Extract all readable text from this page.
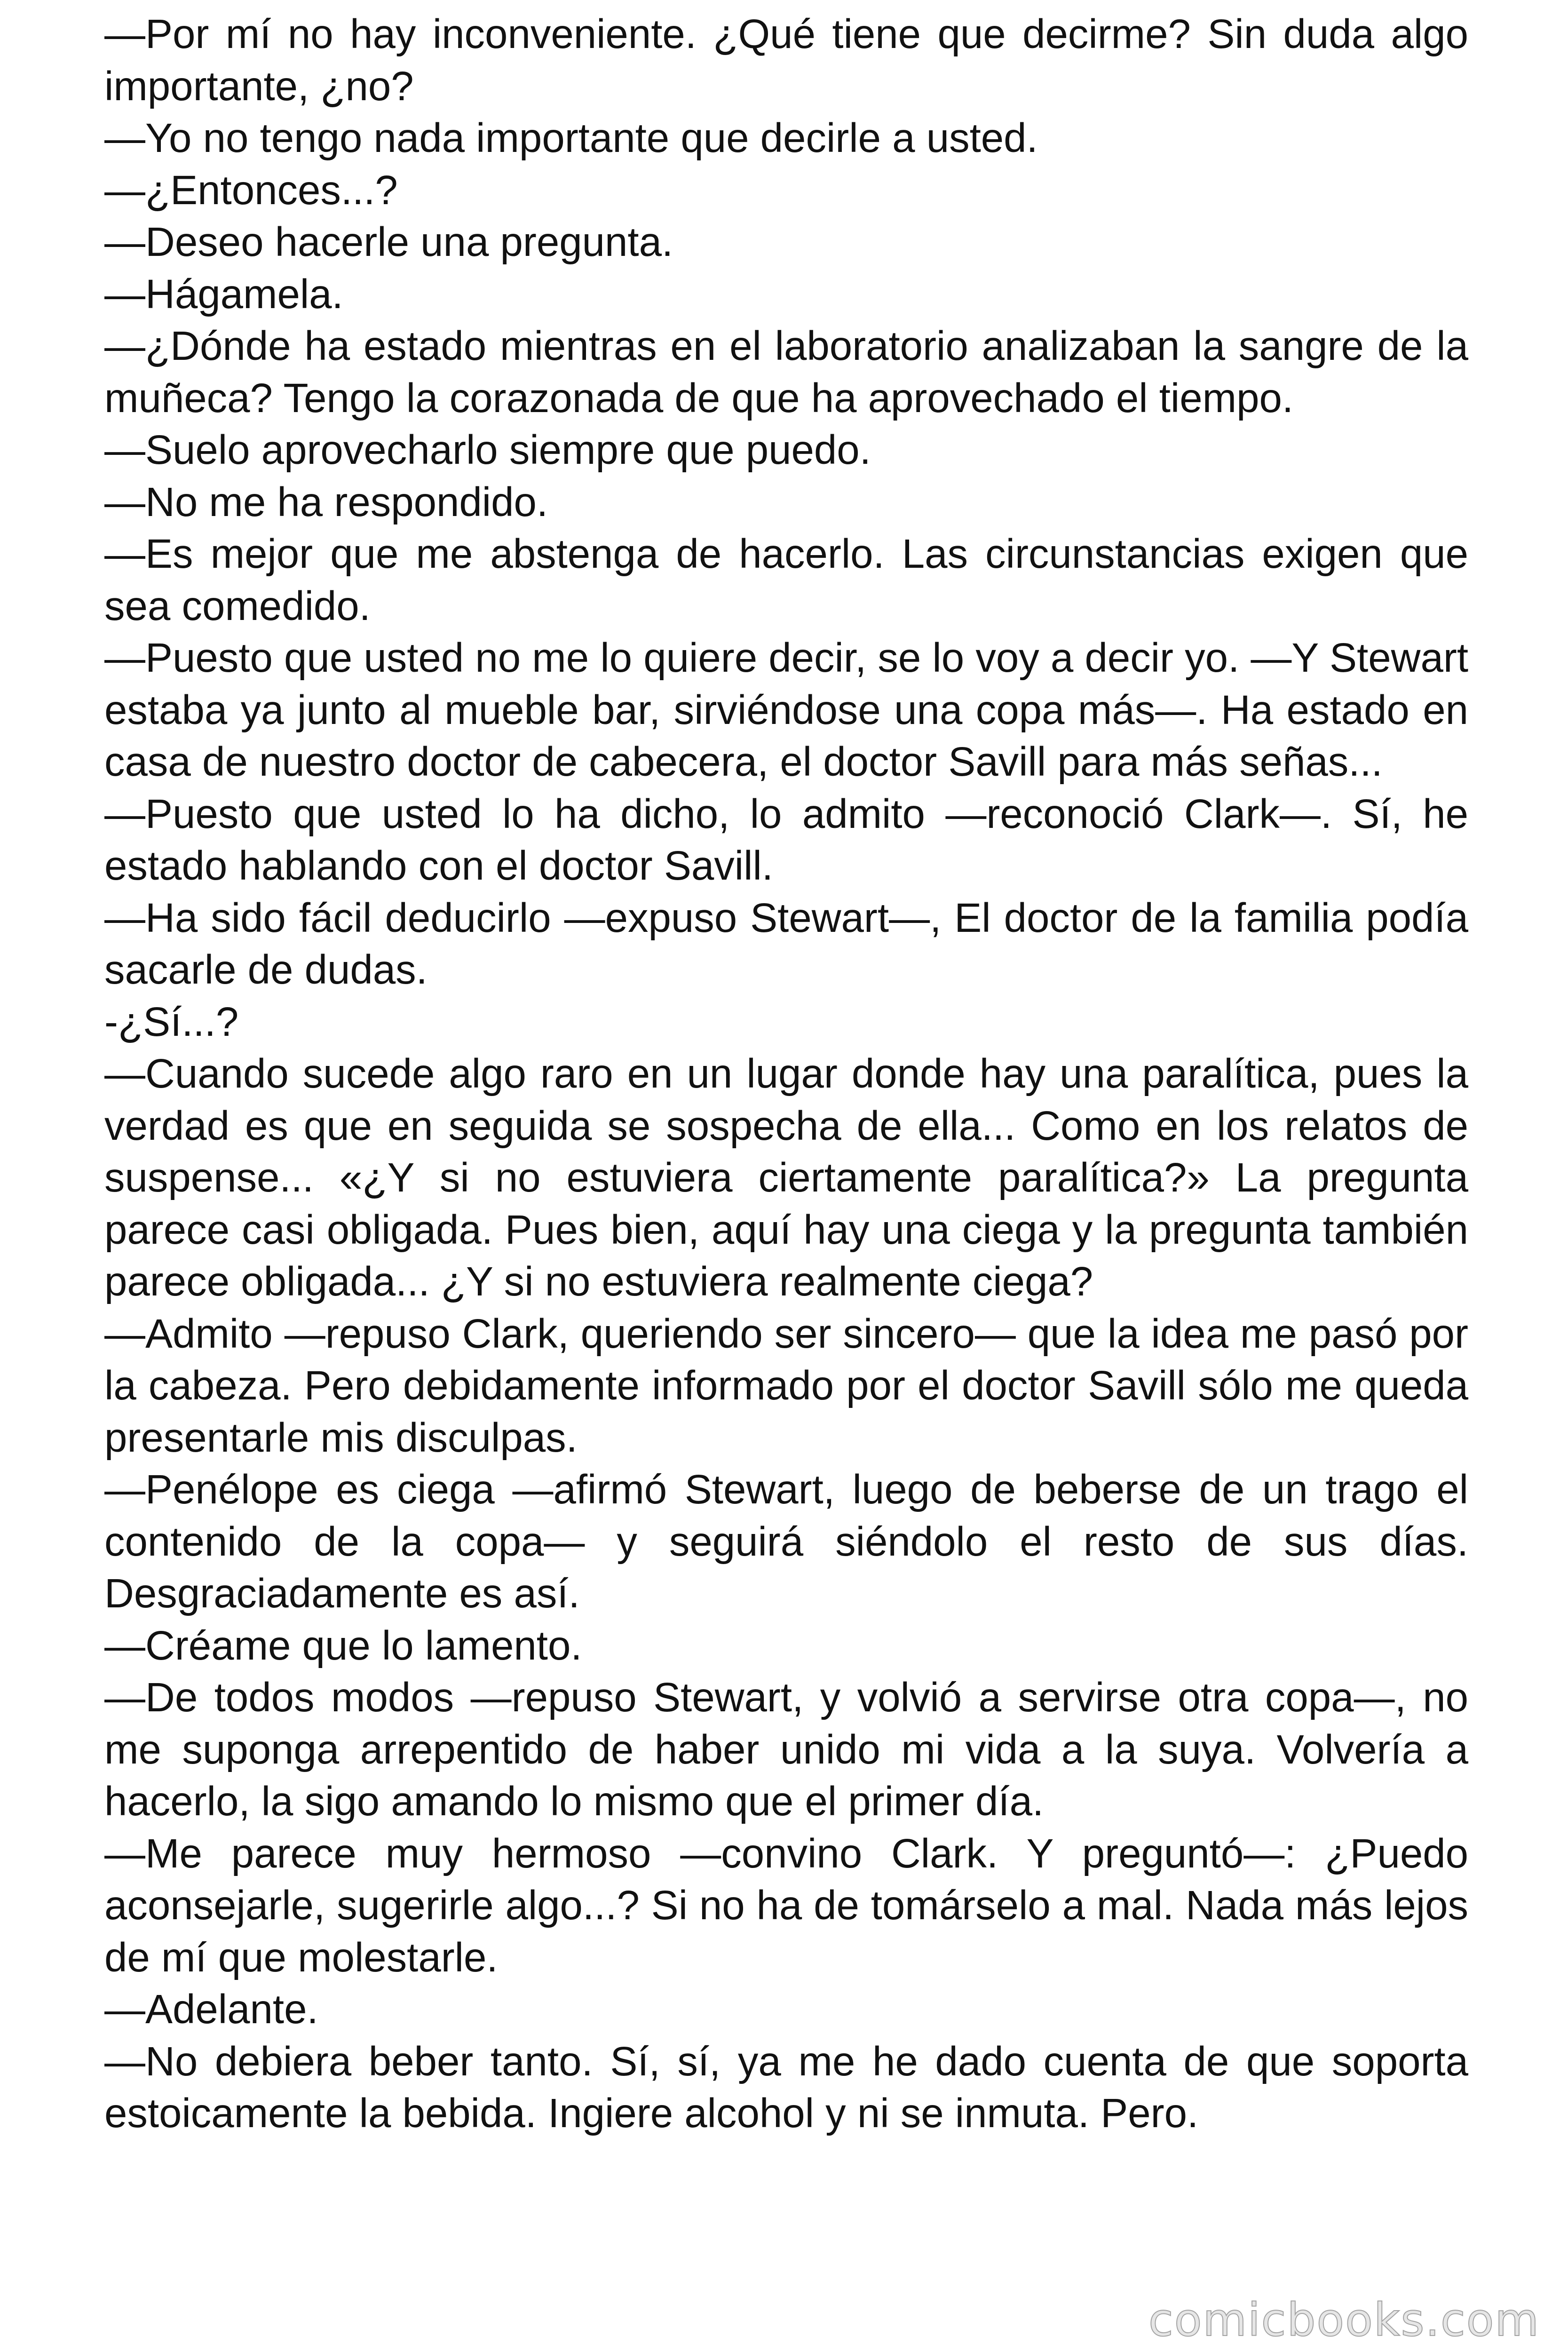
—Por mí no hay inconveniente. ¿Qué tiene que decirme? Sin duda algo importante, ¿no?

—Yo no tengo nada importante que decirle a usted.

—¿Entonces...?

—Deseo hacerle una pregunta.

—Hágamela.

—¿Dónde ha estado mientras en el laboratorio analizaban la sangre de la muñeca? Tengo la corazonada de que ha aprovechado el tiempo.

—Suelo aprovecharlo siempre que puedo.

—No me ha respondido.

—Es mejor que me abstenga de hacerlo. Las circunstancias exigen que sea comedido.

—Puesto que usted no me lo quiere decir, se lo voy a decir yo. —Y Stewart estaba ya junto al mueble bar, sirviéndose una copa más—. Ha estado en casa de nuestro doctor de cabecera, el doctor Savill para más señas...

—Puesto que usted lo ha dicho, lo admito —reconoció Clark—. Sí, he estado hablando con el doctor Savill.

—Ha sido fácil deducirlo —expuso Stewart—, El doctor de la familia podía sacarle de dudas.

-¿Sí...?

—Cuando sucede algo raro en un lugar donde hay una paralítica, pues la verdad es que en seguida se sospecha de ella... Como en los relatos de suspense... «¿Y si no estuviera ciertamente paralítica?» La pregunta parece casi obligada. Pues bien, aquí hay una ciega y la pregunta también parece obligada... ¿Y si no estuviera realmente ciega?

—Admito —repuso Clark, queriendo ser sincero— que la idea me pasó por la cabeza. Pero debidamente informado por el doctor Savill sólo me queda presentarle mis disculpas.

—Penélope es ciega —afirmó Stewart, luego de beberse de un trago el contenido de la copa— y seguirá siéndolo el resto de sus días. Desgraciadamente es así.

—Créame que lo lamento.

—De todos modos —repuso Stewart, y volvió a servirse otra copa—, no me suponga arrepentido de haber unido mi vida a la suya. Volvería a hacerlo, la sigo amando lo mismo que el primer día.

—Me parece muy hermoso —convino Clark. Y preguntó—: ¿Puedo aconsejarle, sugerirle algo...? Si no ha de tomárselo a mal. Nada más lejos de mí que molestarle.

—Adelante.

—No debiera beber tanto. Sí, sí, ya me he dado cuenta de que soporta estoicamente la bebida. Ingiere alcohol y ni se inmuta. Pero.

comicbooks.com
